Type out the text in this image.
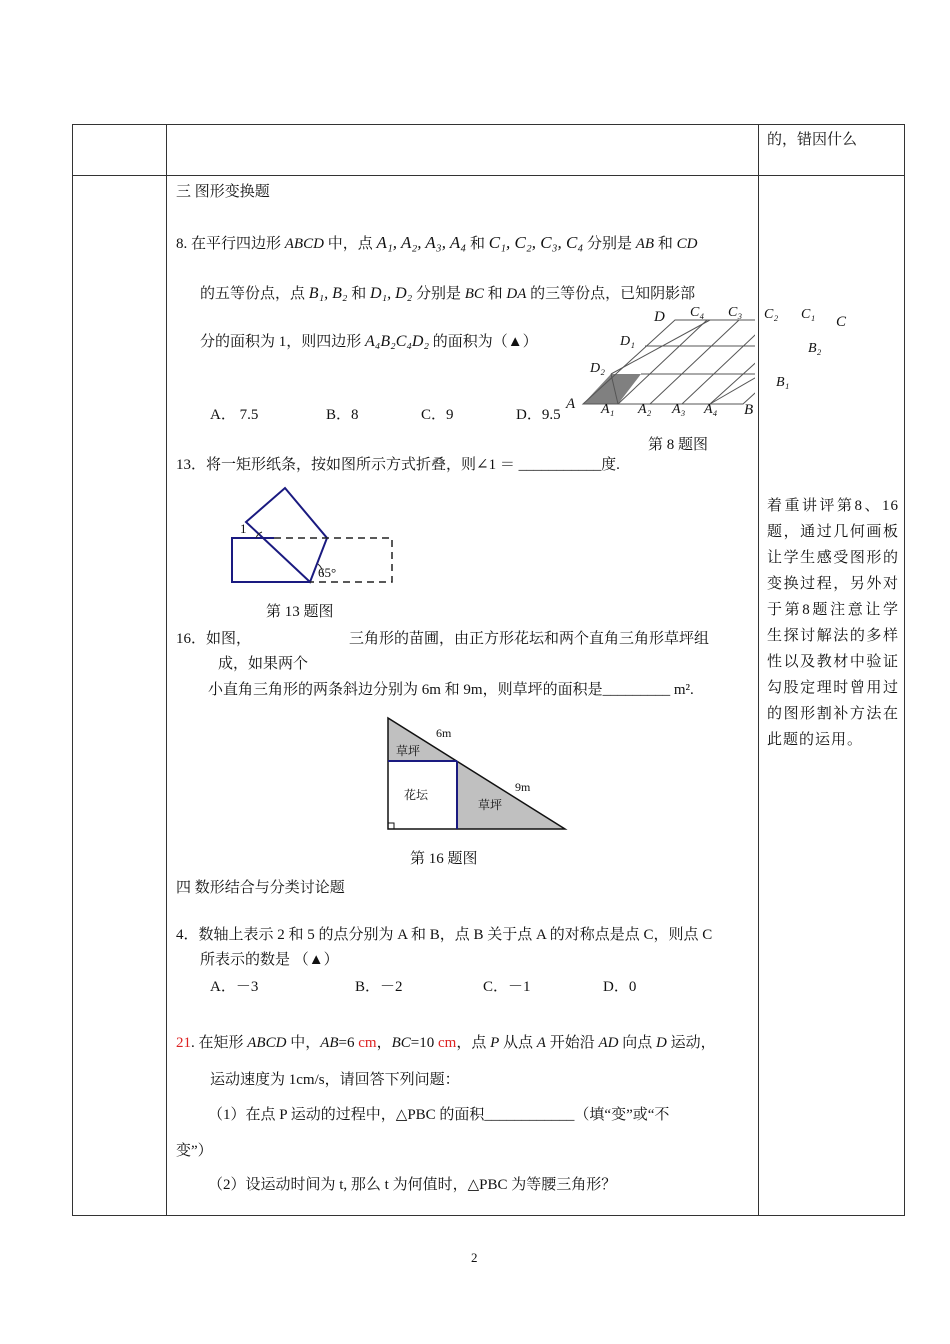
的，错因什么
着重讲评第8、16题，通过几何画板让学生感受图形的变换过程，另外对于第8题注意让学生探讨解法的多样性以及教材中验证勾股定理时曾用过的图形割补方法在此题的运用。
三 图形变换题
8. 在平行四边形 ABCD 中，点 A₁, A₂, A₃, A₄ 和 C₁, C₂, C₃, C₄ 分别是 AB 和 CD
的五等份点，点 B₁, B₂ 和 D₁, D₂ 分别是 BC 和 DA 的三等份点，已知阴影部
分的面积为 1，则四边形 A₄B₂C₄D₂ 的面积为（▲）
A． 7.5	B．8	C．9	D．9.5
A A₁ A₂ A₃ A₄ B
B₁
B₂
C
C₁
C₂
C₃
C₄
D
D₁
D₂
第 8 题图
13．将一矩形纸条，按如图所示方式折叠，则∠1 ＝ ___________度.
1
65°
第 13 题图
16．如图，	三角形的苗圃，由正方形花坛和两个直角三角形草坪组
成，如果两个
小直角三角形的两条斜边分别为 6m 和 9m，则草坪的面积是_________ m².
草坪
花坛
草坪
6m
9m
第 16 题图
四 数形结合与分类讨论题
4．数轴上表示 2 和 5 的点分别为 A 和 B，点 B 关于点 A 的对称点是点 C，则点 C
所表示的数是 （▲）
A．－3	B．－2	C．－1	D．0
21. 在矩形 ABCD 中，AB=6 cm，BC=10 cm，点 P 从点 A 开始沿 AD 向点 D 运动，
运动速度为 1cm/s，请回答下列问题：
（1）在点 P 运动的过程中，△PBC 的面积____________（填“变”或“不
变”）
（2）设运动时间为 t, 那么 t 为何值时，△PBC 为等腰三角形？
2
